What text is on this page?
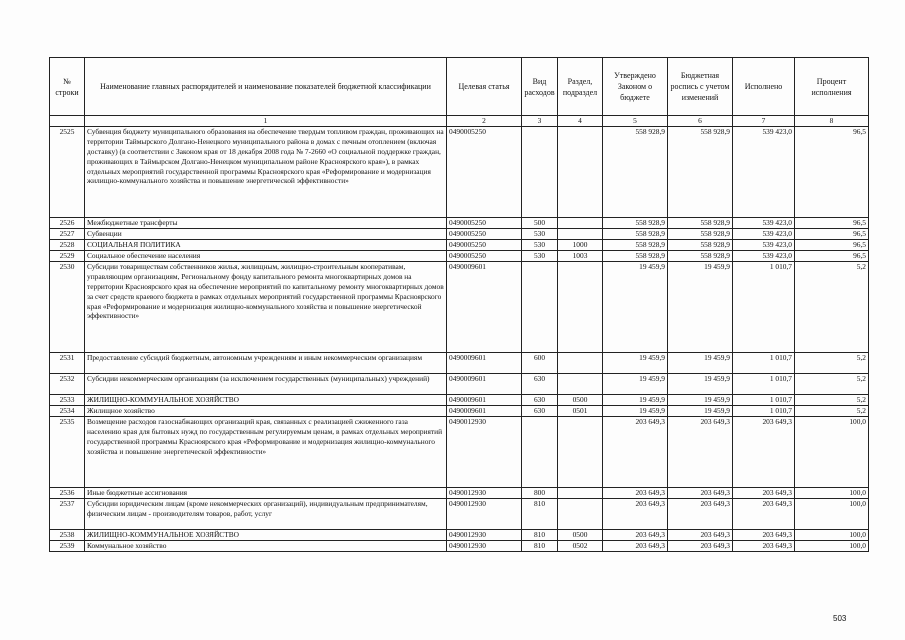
№ строки	Наименование главных распорядителей и наименование показателей бюджетной классификации	Целевая статья	Вид расходов	Раздел, подраздел	Утверждено Законом о бюджете	Бюджетная роспись с учетом изменений	Исполнено	Процент исполнения
	1	2	3	4	5	6	7	8
2525	Субвенция бюджету муниципального образования на обеспечение твердым топливом граждан, проживающих на территории Таймырского Долгано-Ненецкого муниципального района в домах с печным отоплением (включая доставку) (в соответствии с Законом края от 18 декабря 2008 года № 7-2660 «О социальной поддержке граждан, проживающих в Таймырском Долгано-Ненецком муниципальном районе Красноярского края»), в рамках отдельных мероприятий государственной программы Красноярского края «Реформирование и модернизация жилищно-коммунального хозяйства и повышение энергетической эффективности»	0490005250			558 928,9	558 928,9	539 423,0	96,5
2526	Межбюджетные трансферты	0490005250	500		558 928,9	558 928,9	539 423,0	96,5
2527	Субвенции	0490005250	530		558 928,9	558 928,9	539 423,0	96,5
2528	СОЦИАЛЬНАЯ ПОЛИТИКА	0490005250	530	1000	558 928,9	558 928,9	539 423,0	96,5
2529	Социальное обеспечение населения	0490005250	530	1003	558 928,9	558 928,9	539 423,0	96,5
2530	Субсидии товариществам собственников жилья, жилищным, жилищно-строительным кооперативам, управляющим организациям, Региональному фонду капитального ремонта многоквартирных домов на территории Красноярского края на обеспечение мероприятий по капитальному ремонту многоквартирных домов за счет средств краевого бюджета в рамках отдельных мероприятий государственной программы Красноярского края «Реформирование и модернизация жилищно-коммунального хозяйства и повышение энергетической эффективности»	0490009601			19 459,9	19 459,9	1 010,7	5,2
2531	Предоставление субсидий бюджетным, автономным учреждениям и иным некоммерческим организациям	0490009601	600		19 459,9	19 459,9	1 010,7	5,2
2532	Субсидии некоммерческим организациям (за исключением государственных (муниципальных) учреждений)	0490009601	630		19 459,9	19 459,9	1 010,7	5,2
2533	ЖИЛИЩНО-КОММУНАЛЬНОЕ ХОЗЯЙСТВО	0490009601	630	0500	19 459,9	19 459,9	1 010,7	5,2
2534	Жилищное хозяйство	0490009601	630	0501	19 459,9	19 459,9	1 010,7	5,2
2535	Возмещение расходов газоснабжающих организаций края, связанных с реализацией сжиженного газа населению края для бытовых нужд по государственным регулируемым ценам, в рамках отдельных мероприятий государственной программы Красноярского края «Реформирование и модернизация жилищно-коммунального хозяйства и повышение энергетической эффективности»	0490012930			203 649,3	203 649,3	203 649,3	100,0
2536	Иные бюджетные ассигнования	0490012930	800		203 649,3	203 649,3	203 649,3	100,0
2537	Субсидии юридическим лицам (кроме некоммерческих организаций), индивидуальным предпринимателям, физическим лицам - производителям товаров, работ, услуг	0490012930	810		203 649,3	203 649,3	203 649,3	100,0
2538	ЖИЛИЩНО-КОММУНАЛЬНОЕ ХОЗЯЙСТВО	0490012930	810	0500	203 649,3	203 649,3	203 649,3	100,0
2539	Коммунальное хозяйство	0490012930	810	0502	203 649,3	203 649,3	203 649,3	100,0
503
